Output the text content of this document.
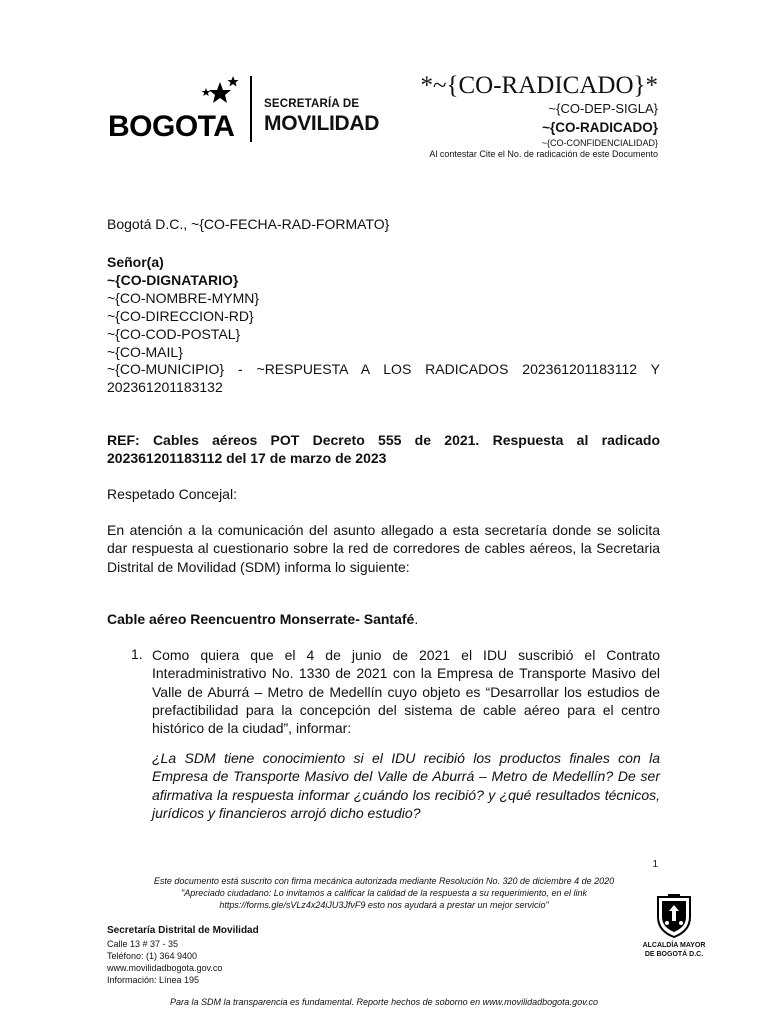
BOGOTA
SECRETARÍA DE
MOVILIDAD
*~{CO-RADICADO}*
~{CO-DEP-SIGLA}
~{CO-RADICADO}
~{CO-CONFIDENCIALIDAD}
Al contestar Cite el No. de radicación de este Documento
Bogotá D.C., ~{CO-FECHA-RAD-FORMATO}
Señor(a)
~{CO-DIGNATARIO}
~{CO-NOMBRE-MYMN}
~{CO-DIRECCION-RD}
~{CO-COD-POSTAL}
~{CO-MAIL}
~{CO-MUNICIPIO} - ~RESPUESTA A LOS RADICADOS 202361201183112 Y
202361201183132
REF: Cables aéreos POT Decreto 555 de 2021. Respuesta al radicado
202361201183112 del 17 de marzo de 2023
Respetado Concejal:
En atención a la comunicación del asunto allegado a esta secretaría donde se solicita dar respuesta al cuestionario sobre la red de corredores de cables aéreos, la Secretaria Distrital de Movilidad (SDM) informa lo siguiente:
Cable aéreo Reencuentro Monserrate- Santafé.
1. Como quiera que el 4 de junio de 2021 el IDU suscribió el Contrato Interadministrativo No. 1330 de 2021 con la Empresa de Transporte Masivo del Valle de Aburrá – Metro de Medellín cuyo objeto es “Desarrollar los estudios de prefactibilidad para la concepción del sistema de cable aéreo para el centro histórico de la ciudad”, informar:
¿La SDM tiene conocimiento si el IDU recibió los productos finales con la Empresa de Transporte Masivo del Valle de Aburrá – Metro de Medellín? De ser afirmativa la respuesta informar ¿cuándo los recibió? y ¿qué resultados técnicos, jurídicos y financieros arrojó dicho estudio?
1
Este documento está suscrito con firma mecánica autorizada mediante Resolución No. 320 de diciembre 4 de 2020
"Apreciado ciudadano: Lo invitamos a calificar la calidad de la respuesta a su requerimiento, en el link
https://forms.gle/sVLz4x24iJU3JfvF9 esto nos ayudará a prestar un mejor servicio"
Secretaría Distrital de Movilidad
Calle 13 # 37 - 35
Teléfono: (1) 364 9400
www.movilidadbogota.gov.co
Información: Línea 195
ALCALDÍA MAYOR
DE BOGOTÁ D.C.
Para la SDM la transparencia es fundamental. Reporte hechos de soborno en www.movilidadbogota.gov.co
